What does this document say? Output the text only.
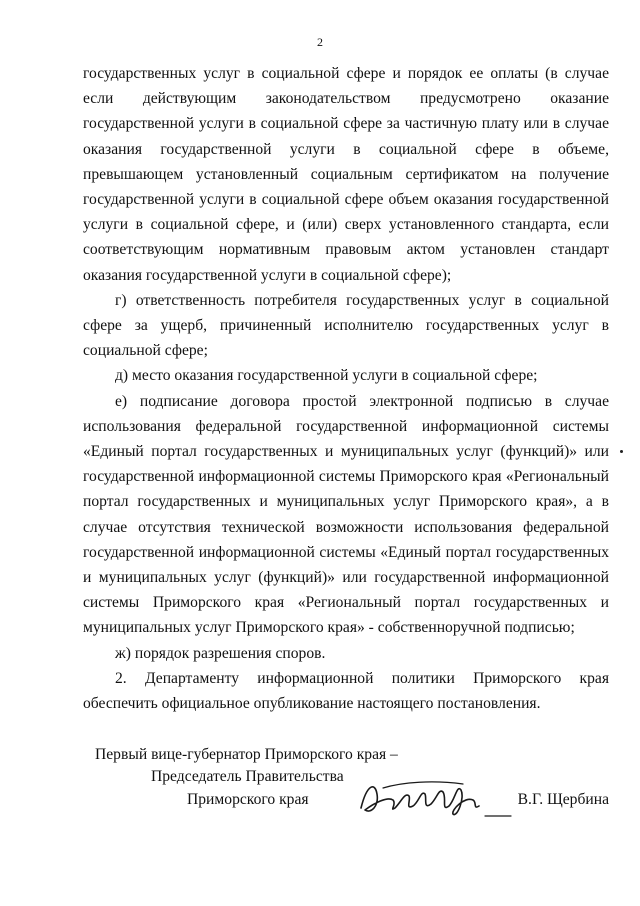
2

государственных услуг в социальной сфере и порядок ее оплаты (в случае если действующим законодательством предусмотрено оказание государственной услуги в социальной сфере за частичную плату или в случае оказания государственной услуги в социальной сфере в объеме, превышающем установленный социальным сертификатом на получение государственной услуги в социальной сфере объем оказания государственной услуги в социальной сфере, и (или) сверх установленного стандарта, если соответствующим нормативным правовым актом установлен стандарт оказания государственной услуги в социальной сфере);

г) ответственность потребителя государственных услуг в социальной сфере за ущерб, причиненный исполнителю государственных услуг в социальной сфере;

д) место оказания государственной услуги в социальной сфере;

е) подписание договора простой электронной подписью в случае использования федеральной государственной информационной системы «Единый портал государственных и муниципальных услуг (функций)» или государственной информационной системы Приморского края «Региональный портал государственных и муниципальных услуг Приморского края», а в случае отсутствия технической возможности использования федеральной государственной информационной системы «Единый портал государственных и муниципальных услуг (функций)» или государственной информационной системы Приморского края «Региональный портал государственных и муниципальных услуг Приморского края» - собственноручной подписью;

ж) порядок разрешения споров.

2. Департаменту информационной политики Приморского края обеспечить официальное опубликование настоящего постановления.

Первый вице-губернатор Приморского края –
Председатель Правительства
Приморского края	В.Г. Щербина
